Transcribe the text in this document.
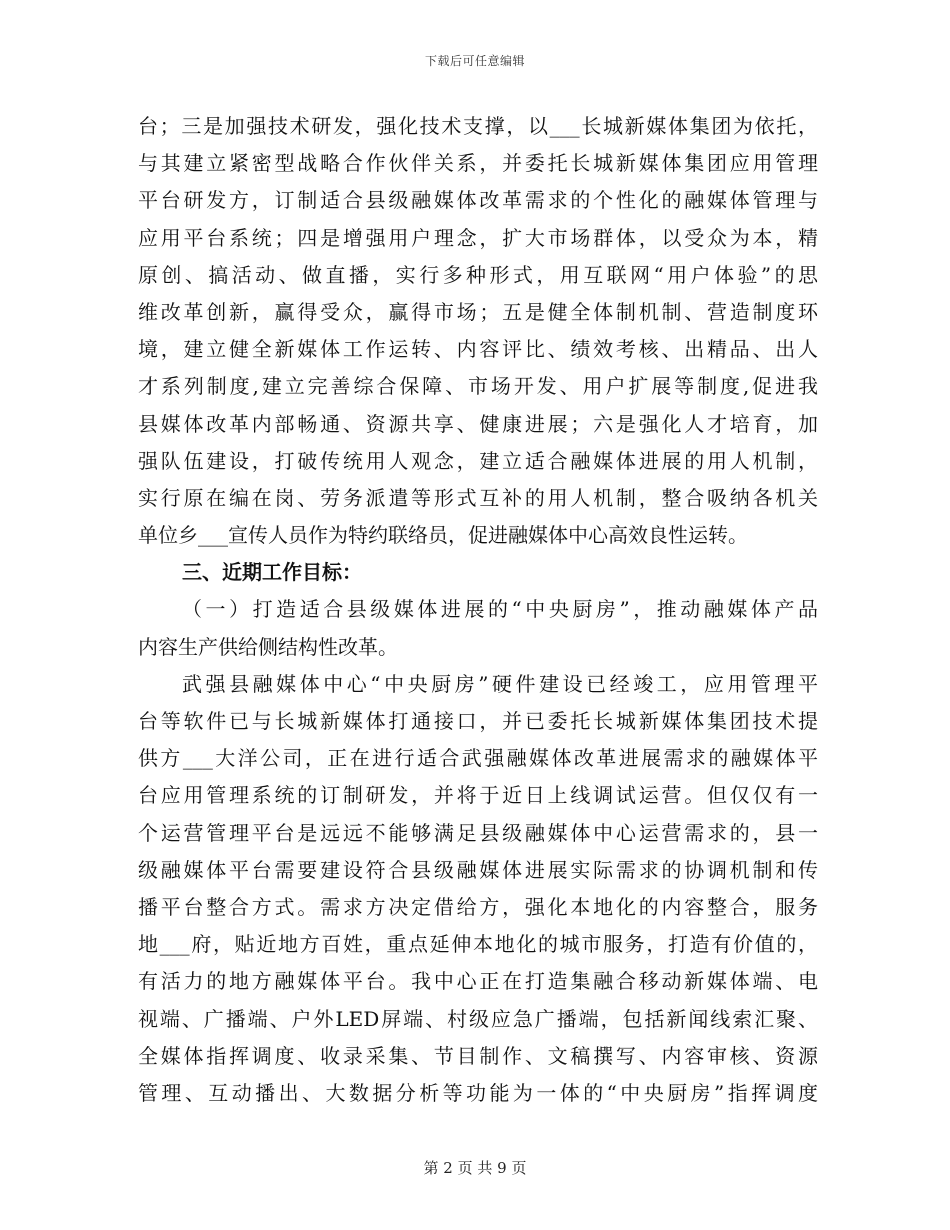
下载后可任意编辑
台；三是加强技术研发，强化技术支撑，以___长城新媒体集团为依托，
与其建立紧密型战略合作伙伴关系，并委托长城新媒体集团应用管理
平台研发方，订制适合县级融媒体改革需求的个性化的融媒体管理与
应用平台系统；四是增强用户理念，扩大市场群体，以受众为本，精
原创、搞活动、做直播，实行多种形式，用互联网“用户体验”的思
维改革创新，赢得受众，赢得市场；五是健全体制机制、营造制度环
境，建立健全新媒体工作运转、内容评比、绩效考核、出精品、出人
才系列制度,建立完善综合保障、市场开发、用户扩展等制度,促进我
县媒体改革内部畅通、资源共享、健康进展；六是强化人才培育，加
强队伍建设，打破传统用人观念，建立适合融媒体进展的用人机制，
实行原在编在岗、劳务派遣等形式互补的用人机制，整合吸纳各机关
单位乡___宣传人员作为特约联络员，促进融媒体中心高效良性运转。
三、近期工作目标：
（一）打造适合县级媒体进展的“中央厨房”，推动融媒体产品
内容生产供给侧结构性改革。
武强县融媒体中心“中央厨房”硬件建设已经竣工，应用管理平
台等软件已与长城新媒体打通接口，并已委托长城新媒体集团技术提
供方___大洋公司，正在进行适合武强融媒体改革进展需求的融媒体平
台应用管理系统的订制研发，并将于近日上线调试运营。但仅仅有一
个运营管理平台是远远不能够满足县级融媒体中心运营需求的，县一
级融媒体平台需要建设符合县级融媒体进展实际需求的协调机制和传
播平台整合方式。需求方决定借给方，强化本地化的内容整合，服务
地___府，贴近地方百姓，重点延伸本地化的城市服务，打造有价值的，
有活力的地方融媒体平台。我中心正在打造集融合移动新媒体端、电
视端、广播端、户外LED屏端、村级应急广播端，包括新闻线索汇聚、
全媒体指挥调度、收录采集、节目制作、文稿撰写、内容审核、资源
管理、互动播出、大数据分析等功能为一体的“中央厨房”指挥调度
第 2 页 共 9 页
